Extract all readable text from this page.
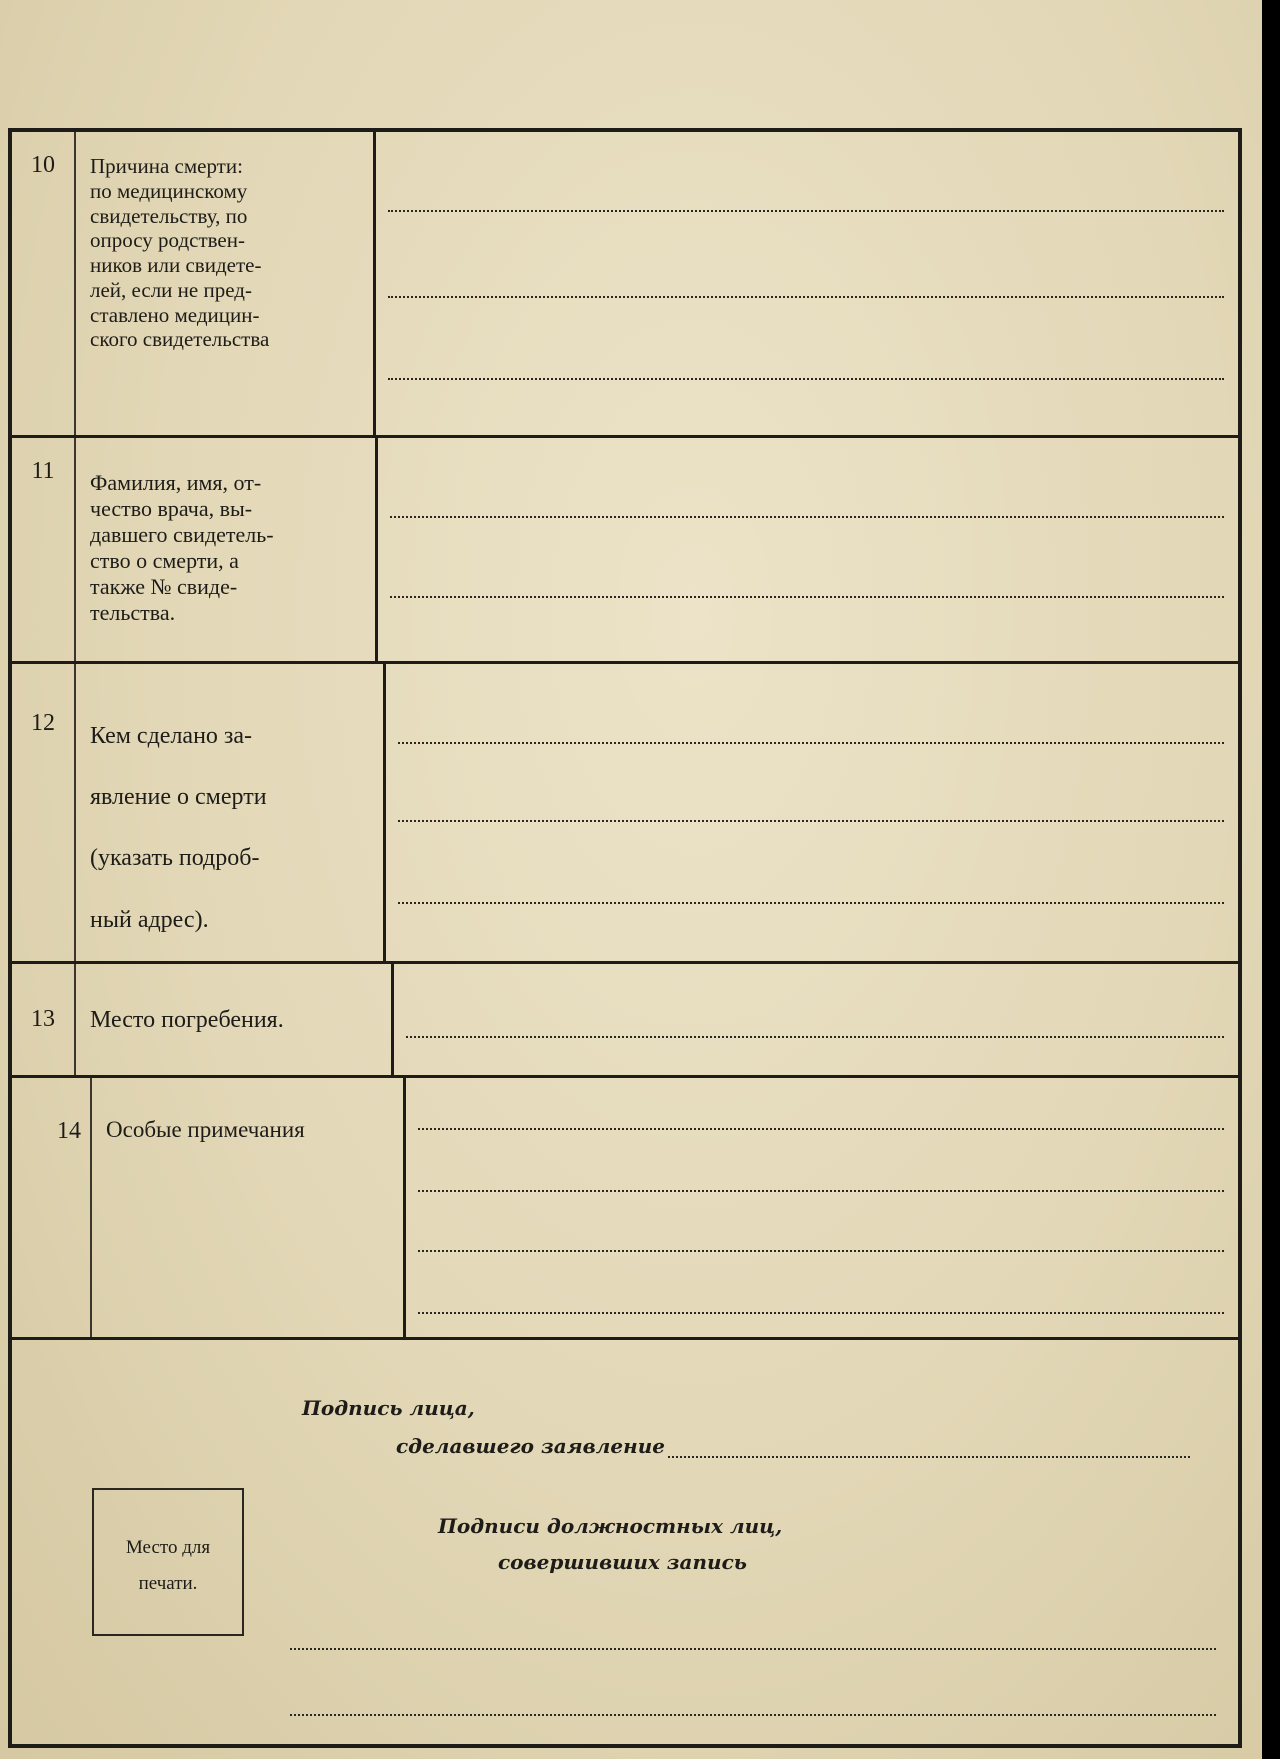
10	Причина смерти:
по медицинскому
свидетельству, по
опросу родствен-
ников или свидете-
лей, если не пред-
ставлено медицин-
ского свидетельства
11	Фамилия, имя, от-
чество врача, вы-
давшего свидетель-
ство о смерти, а
также № свиде-
тельства.
12	Кем сделано за-
явление о смерти
(указать подроб-
ный адрес).
13	Место погребения.
14	Особые примечания
Подпись лица,
сделавшего заявление
Подписи должностных лиц,
совершивших запись
Место для
печати.
